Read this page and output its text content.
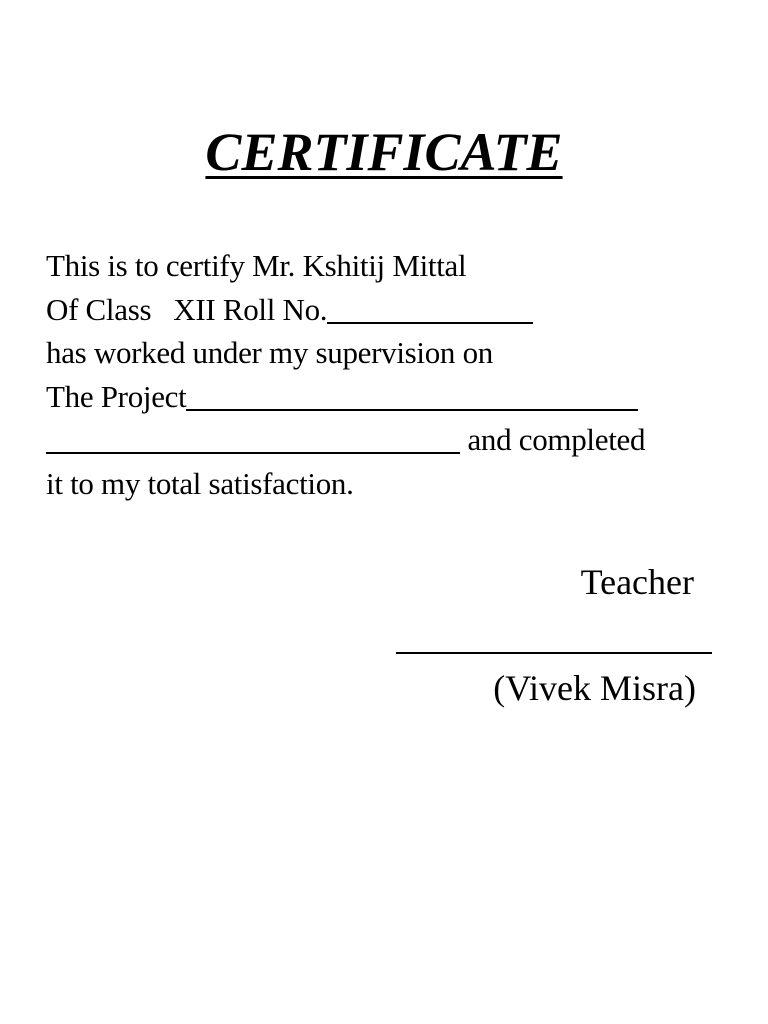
CERTIFICATE
This is to certify Mr. Kshitij Mittal
Of Class XII Roll No.
has worked under my supervision on
The Project
and completed
it to my total satisfaction.
Teacher
(Vivek Misra)
